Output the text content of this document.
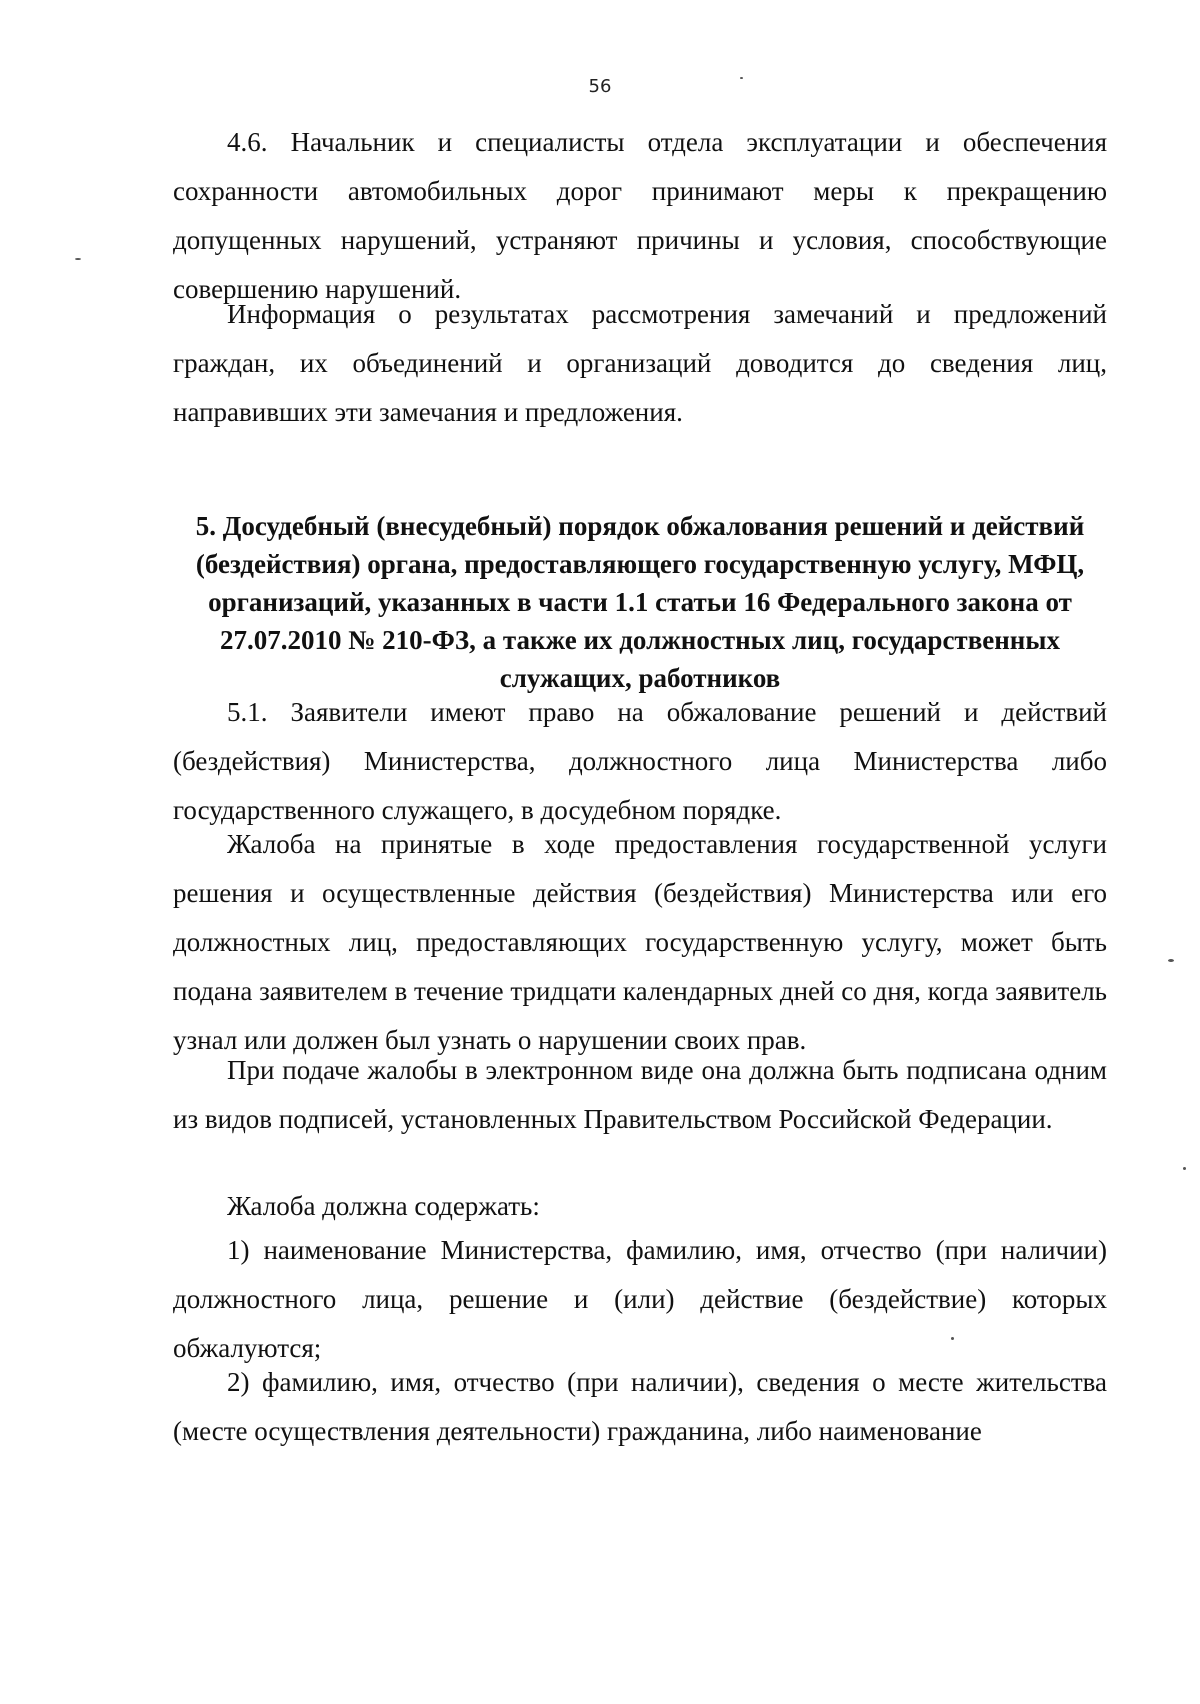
56

4.6. Начальник и специалисты отдела эксплуатации и обеспечения сохранности автомобильных дорог принимают меры к прекращению допущенных нарушений, устраняют причины и условия, способствующие совершению нарушений.

Информация о результатах рассмотрения замечаний и предложений граждан, их объединений и организаций доводится до сведения лиц, направивших эти замечания и предложения.

5. Досудебный (внесудебный) порядок обжалования решений и действий (бездействия) органа, предоставляющего государственную услугу, МФЦ, организаций, указанных в части 1.1 статьи 16 Федерального закона от 27.07.2010 № 210-ФЗ, а также их должностных лиц, государственных служащих, работников

5.1. Заявители имеют право на обжалование решений и действий (бездействия) Министерства, должностного лица Министерства либо государственного служащего, в досудебном порядке.

Жалоба на принятые в ходе предоставления государственной услуги решения и осуществленные действия (бездействия) Министерства или его должностных лиц, предоставляющих государственную услугу, может быть подана заявителем в течение тридцати календарных дней со дня, когда заявитель узнал или должен был узнать о нарушении своих прав.

При подаче жалобы в электронном виде она должна быть подписана одним из видов подписей, установленных Правительством Российской Федерации.

Жалоба должна содержать:

1) наименование Министерства, фамилию, имя, отчество (при наличии) должностного лица, решение и (или) действие (бездействие) которых обжалуются;

2) фамилию, имя, отчество (при наличии), сведения о месте жительства (месте осуществления деятельности) гражданина, либо наименование
